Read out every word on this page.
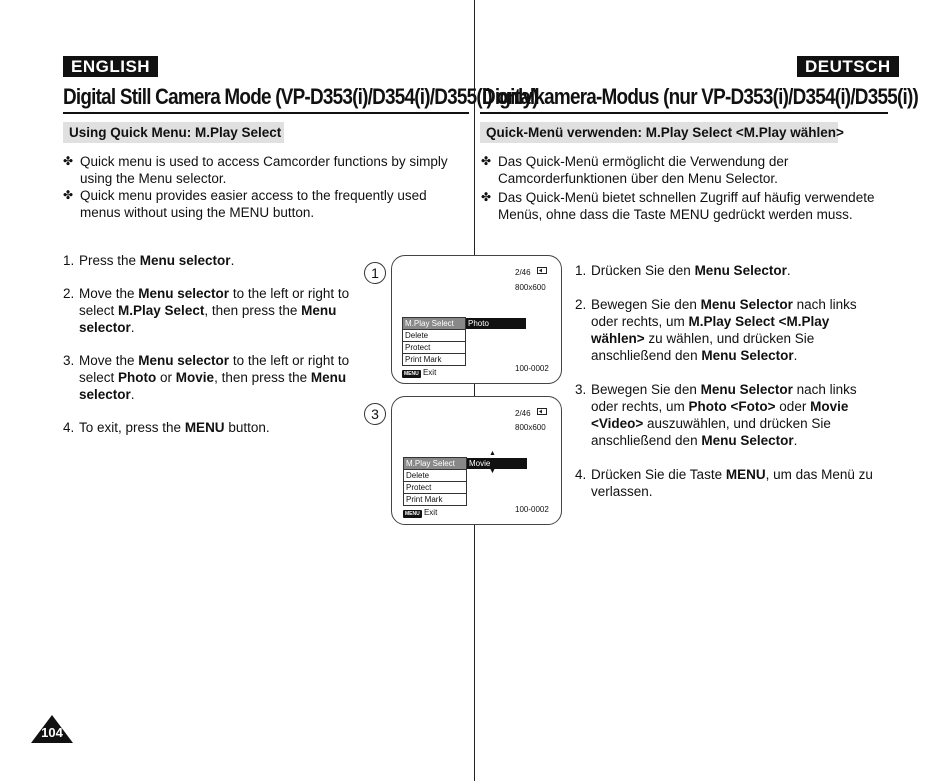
ENGLISH
Digital Still Camera Mode (VP-D353(i)/D354(i)/D355(i) only)
Using Quick Menu: M.Play Select
✤ Quick menu is used to access Camcorder functions by simply using the Menu selector.
✤ Quick menu provides easier access to the frequently used menus without using the MENU button.
1. Press the Menu selector.
2. Move the Menu selector to the left or right to select M.Play Select, then press the Menu selector.
3. Move the Menu selector to the left or right to select Photo or Movie, then press the Menu selector.
4. To exit, press the MENU button.
1	2/46
800x600
M.Play Select
Delete
Protect
Print Mark
Photo
MENU Exit	100-0002
3	2/46
800x600
▲
M.Play Select
Delete
Protect
Print Mark
Movie
▼
MENU Exit	100-0002
DEUTSCH
Digitalkamera-Modus (nur VP-D353(i)/D354(i)/D355(i))
Quick-Menü verwenden: M.Play Select <M.Play wählen>
✤ Das Quick-Menü ermöglicht die Verwendung der Camcorderfunktionen über den Menu Selector.
✤ Das Quick-Menü bietet schnellen Zugriff auf häufig verwendete Menüs, ohne dass die Taste MENU gedrückt werden muss.
1. Drücken Sie den Menu Selector.
2. Bewegen Sie den Menu Selector nach links oder rechts, um M.Play Select <M.Play wählen> zu wählen, und drücken Sie anschließend den Menu Selector.
3. Bewegen Sie den Menu Selector nach links oder rechts, um Photo <Foto> oder Movie <Video> auszuwählen, und drücken Sie anschließend den Menu Selector.
4. Drücken Sie die Taste MENU, um das Menü zu verlassen.
104
